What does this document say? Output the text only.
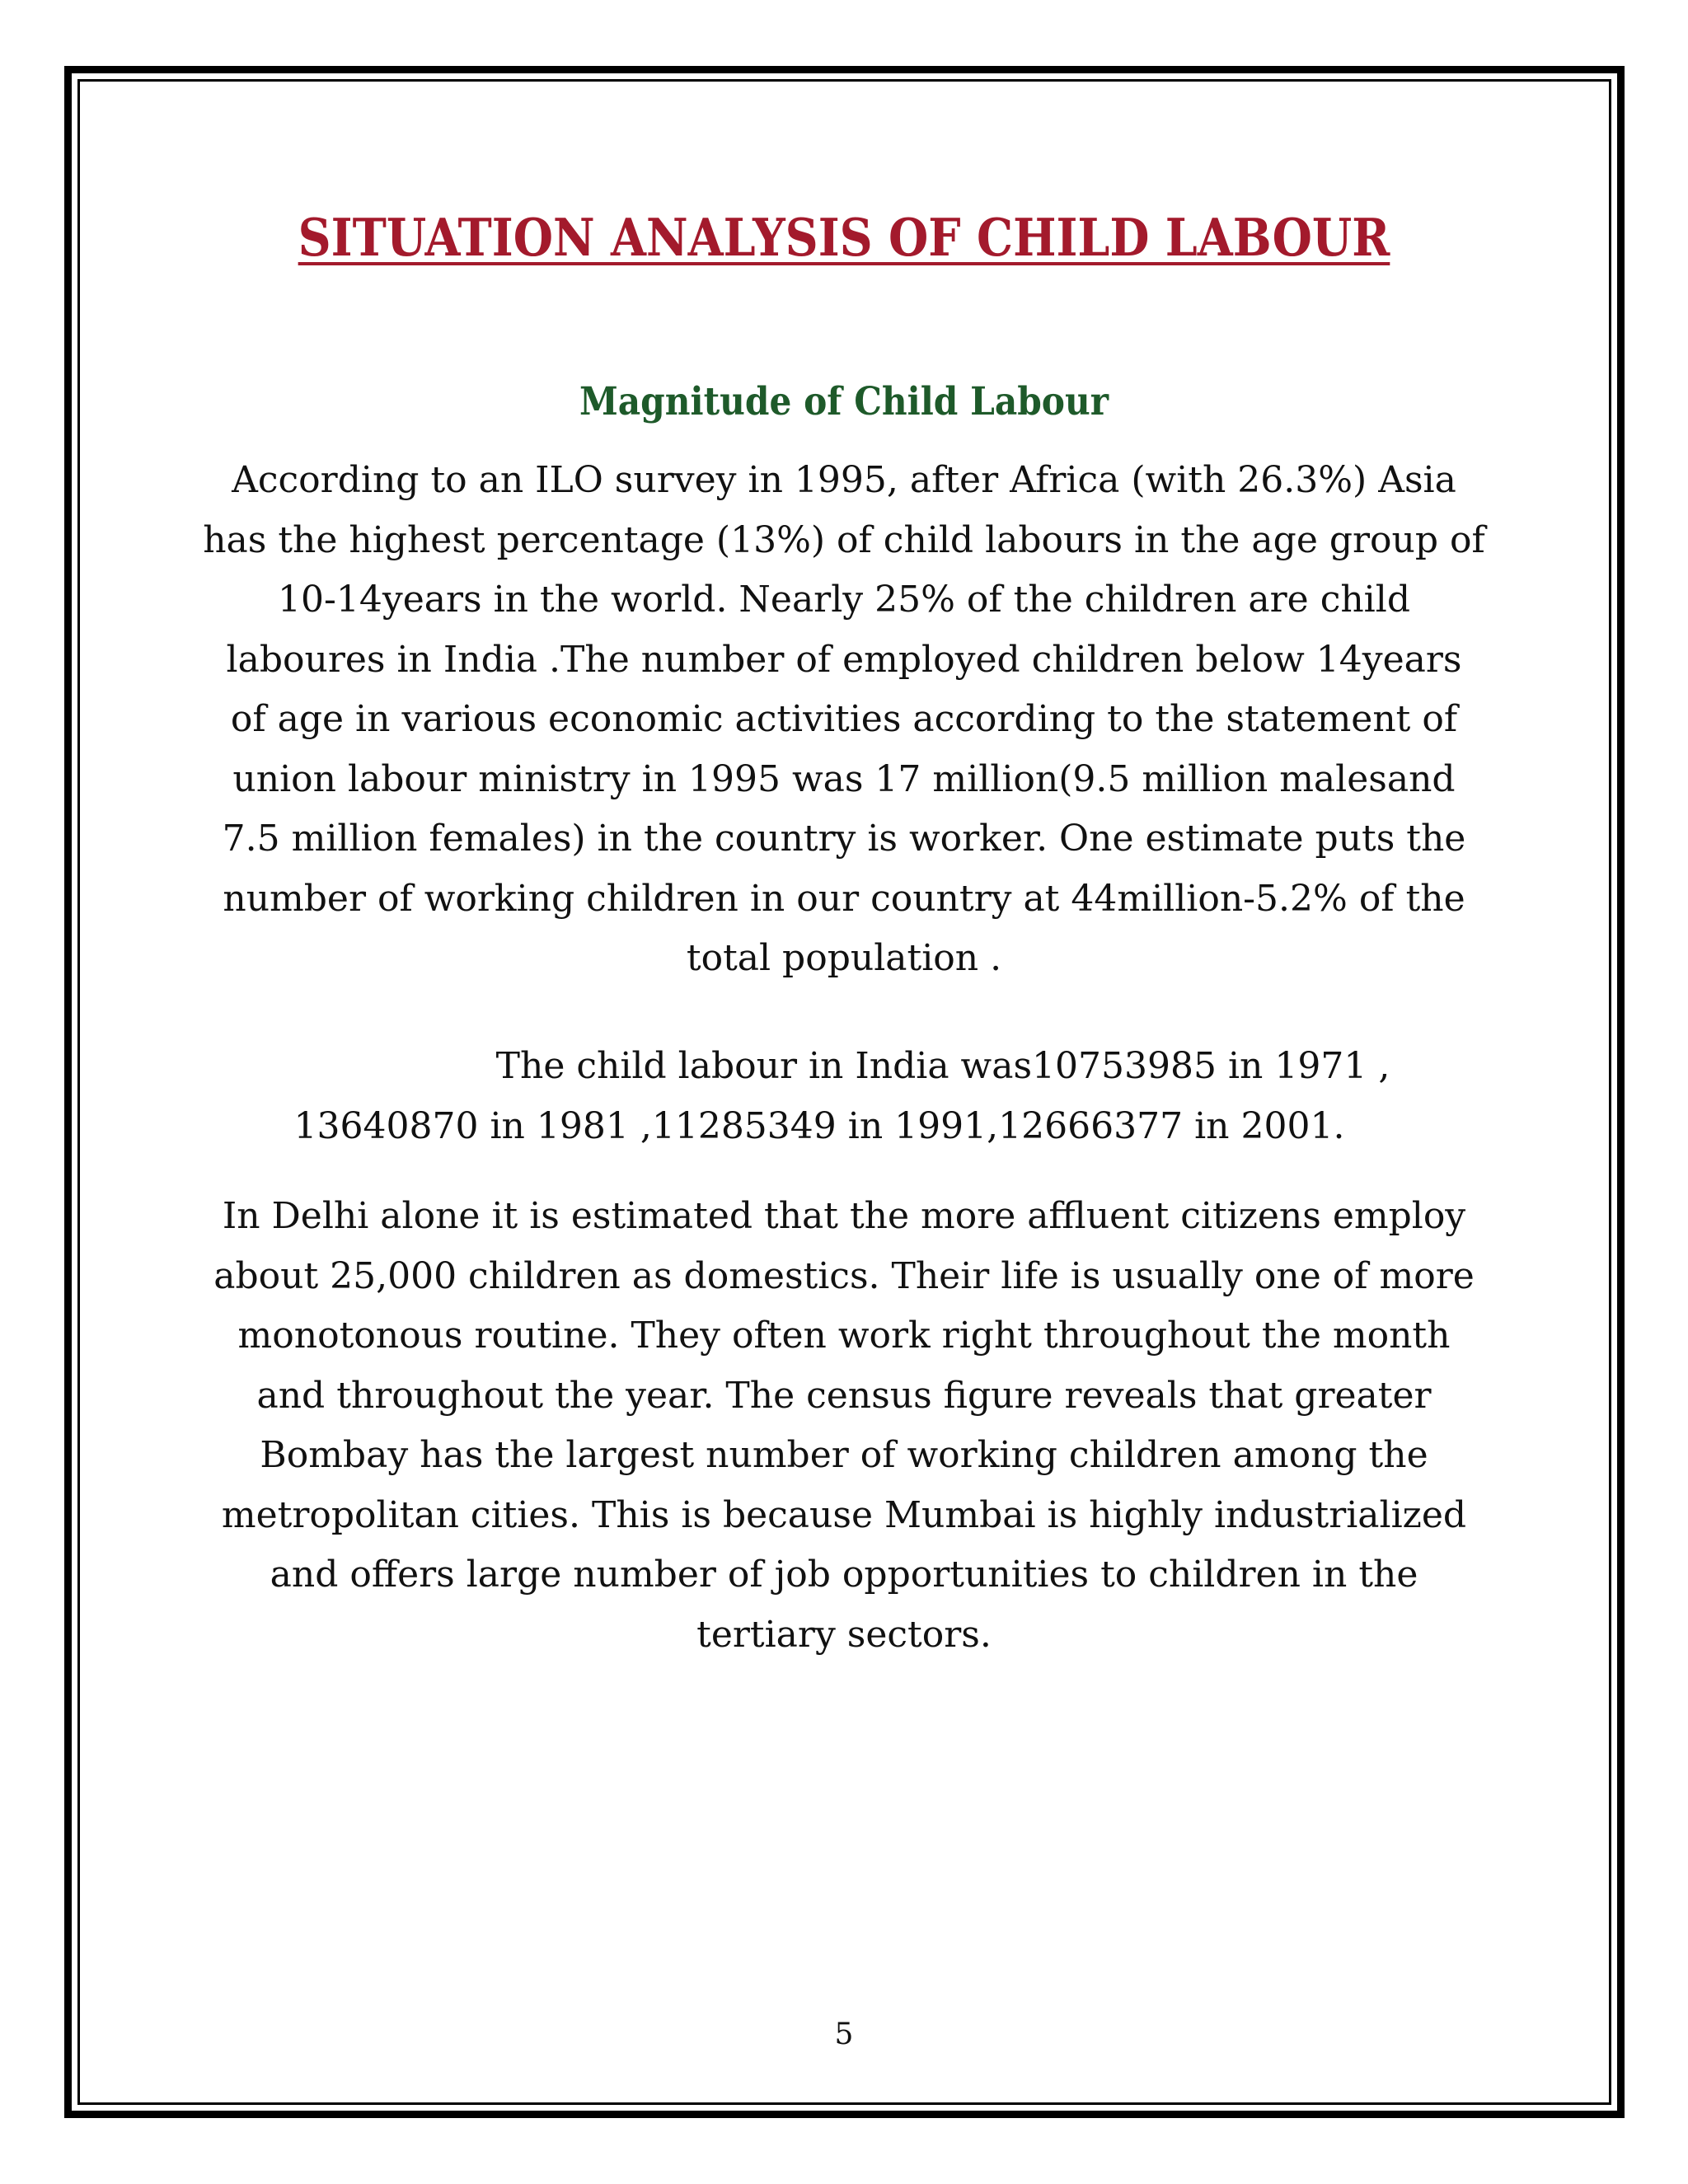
SITUATION ANALYSIS OF CHILD LABOUR
Magnitude of Child Labour
According to an ILO survey in 1995, after Africa (with 26.3%) Asia
has the highest percentage (13%) of child labours in the age group of
10-14years in the world. Nearly 25% of the children are child
laboures in India .The number of employed children below 14years
of age in various economic activities according to the statement of
union labour ministry in 1995 was 17 million(9.5 million malesand
7.5 million females) in the country is worker. One estimate puts the
number of working children in our country at 44million-5.2% of the
total population .
The child labour in India was10753985 in 1971 ,
13640870 in 1981 ,11285349 in 1991,12666377 in 2001.
In Delhi alone it is estimated that the more affluent citizens employ
about 25,000 children as domestics. Their life is usually one of more
monotonous routine. They often work right throughout the month
and throughout the year. The census figure reveals that greater
Bombay has the largest number of working children among the
metropolitan cities. This is because Mumbai is highly industrialized
and offers large number of job opportunities to children in the
tertiary sectors.
5
